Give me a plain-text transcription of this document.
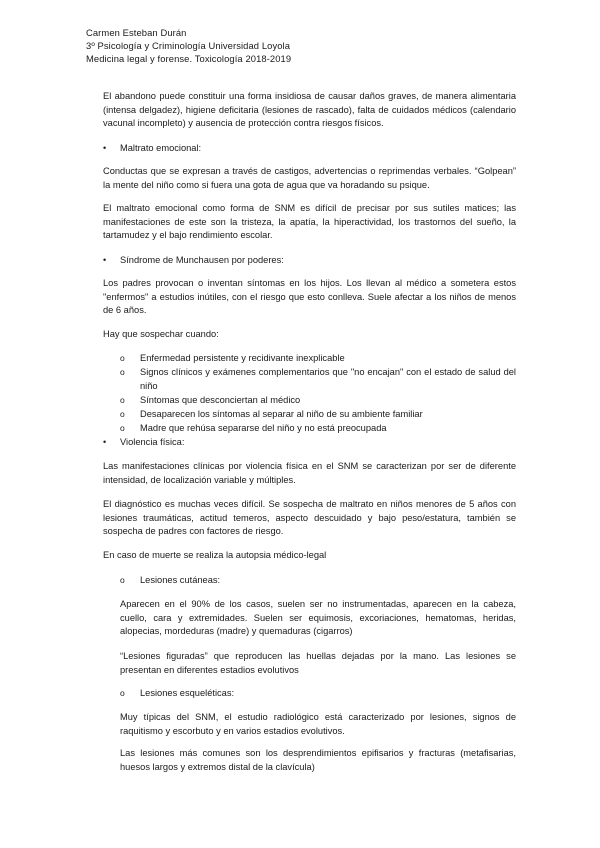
Carmen Esteban Durán
3º Psicología y Criminología Universidad Loyola
Medicina legal y forense. Toxicología 2018-2019
El abandono puede constituir una forma insidiosa de causar daños graves, de manera alimentaria (intensa delgadez), higiene deficitaria (lesiones de rascado), falta de cuidados médicos (calendario vacunal incompleto) y ausencia de protección contra riesgos físicos.
• Maltrato emocional:
Conductas que se expresan a través de castigos, advertencias o reprimendas verbales. “Golpean” la mente del niño como si fuera una gota de agua que va horadando su psique.
El maltrato emocional como forma de SNM es difícil de precisar por sus sutiles matices; las manifestaciones de este son la tristeza, la apatía, la hiperactividad, los trastornos del sueño, la tartamudez y el bajo rendimiento escolar.
• Síndrome de Munchausen por poderes:
Los padres provocan o inventan síntomas en los hijos. Los llevan al médico a sometera estos "enfermos" a estudios inútiles, con el riesgo que esto conlleva. Suele afectar a los niños de menos de 6 años.
Hay que sospechar cuando:
o Enfermedad persistente y recidivante inexplicable
o Signos clínicos y exámenes complementarios que "no encajan" con el estado de salud del niño
o Síntomas que desconciertan al médico
o Desaparecen los síntomas al separar al niño de su ambiente familiar
o Madre que rehúsa separarse del niño y no está preocupada
• Violencia física:
Las manifestaciones clínicas por violencia física en el SNM se caracterizan por ser de diferente intensidad, de localización variable y múltiples.
El diagnóstico es muchas veces difícil. Se sospecha de maltrato en niños menores de 5 años con lesiones traumáticas, actitud temeros, aspecto descuidado y bajo peso/estatura, también se sospecha de padres con factores de riesgo.
En caso de muerte se realiza la autopsia médico-legal
o Lesiones cutáneas:
Aparecen en el 90% de los casos, suelen ser no instrumentadas, aparecen en la cabeza, cuello, cara y extremidades. Suelen ser equimosis, excoriaciones, hematomas, heridas, alopecias, mordeduras (madre) y quemaduras (cigarros)
“Lesiones figuradas” que reproducen las huellas dejadas por la mano. Las lesiones se presentan en diferentes estadios evolutivos
o Lesiones esqueléticas:
Muy típicas del SNM, el estudio radiológico está caracterizado por lesiones, signos de raquitismo y escorbuto y en varios estadios evolutivos.
Las lesiones más comunes son los desprendimientos epifisarios y fracturas (metafisarias, huesos largos y extremos distal de la clavícula)
